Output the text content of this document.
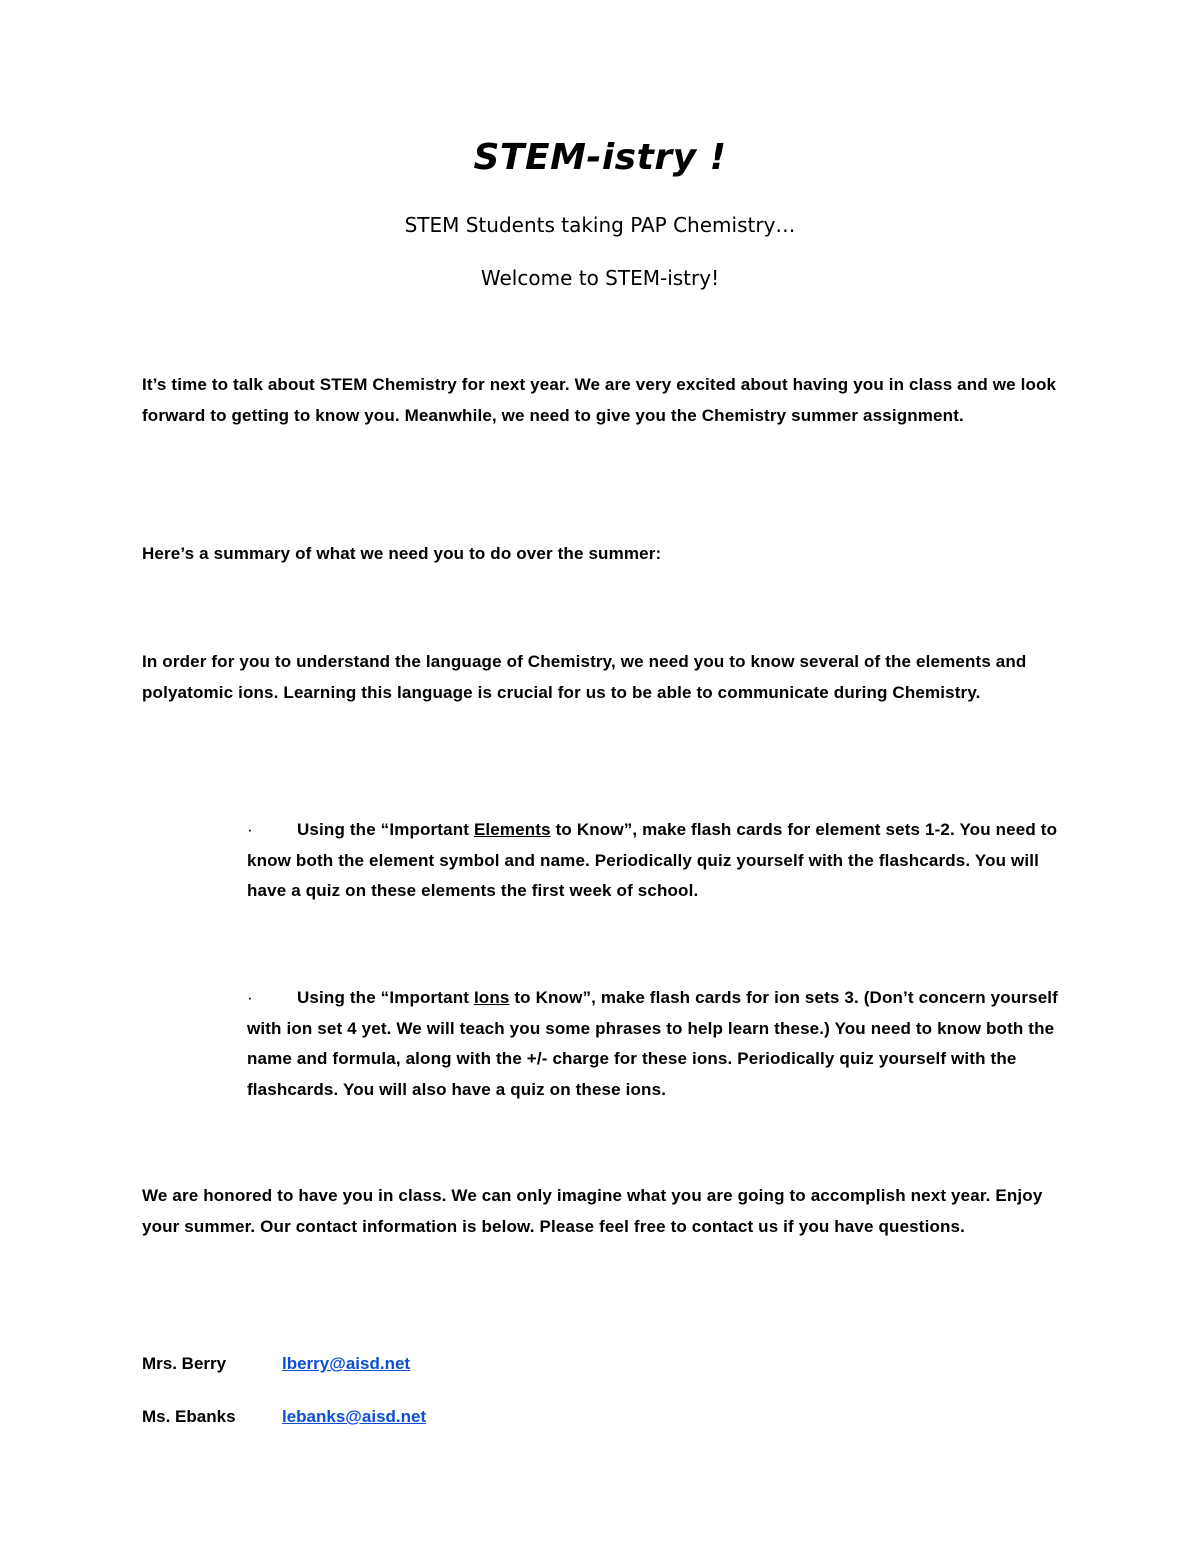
STEM-istry !
STEM Students taking PAP Chemistry…
Welcome to STEM-istry!

It’s time to talk about STEM Chemistry for next year. We are very excited about having you in class and we look forward to getting to know you. Meanwhile, we need to give you the Chemistry summer assignment.

Here’s a summary of what we need you to do over the summer:

In order for you to understand the language of Chemistry, we need you to know several of the elements and polyatomic ions. Learning this language is crucial for us to be able to communicate during Chemistry.

·	Using the “Important Elements to Know”, make flash cards for element sets 1-2. You need to know both the element symbol and name. Periodically quiz yourself with the flashcards. You will have a quiz on these elements the first week of school.
·	Using the “Important Ions to Know”, make flash cards for ion sets 3. (Don’t concern yourself with ion set 4 yet. We will teach you some phrases to help learn these.) You need to know both the name and formula, along with the +/- charge for these ions. Periodically quiz yourself with the flashcards. You will also have a quiz on these ions.

We are honored to have you in class. We can only imagine what you are going to accomplish next year. Enjoy your summer. Our contact information is below. Please feel free to contact us if you have questions.

Mrs. Berry	lberry@aisd.net
Ms. Ebanks	lebanks@aisd.net
